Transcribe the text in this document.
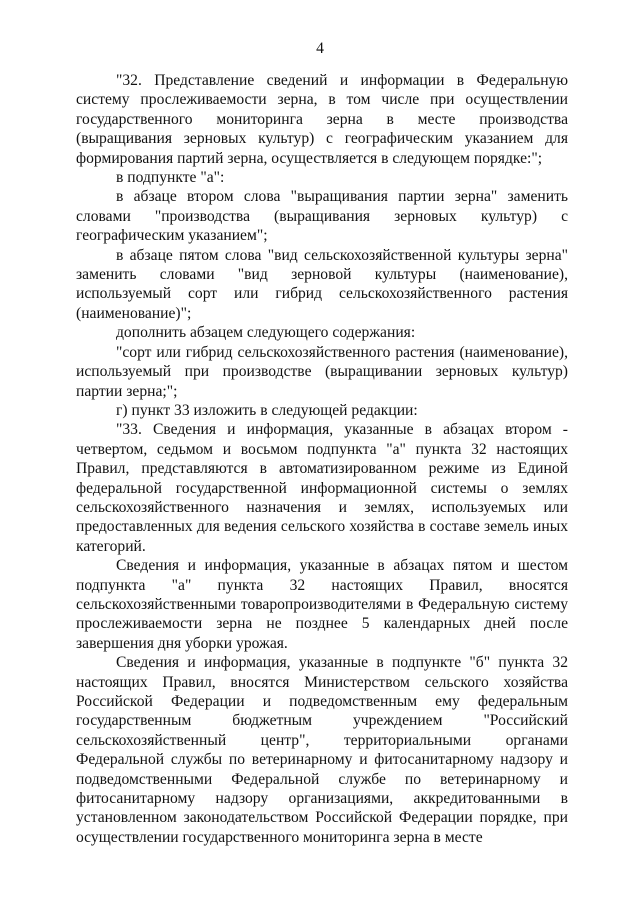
4

"32. Представление сведений и информации в Федеральную систему прослеживаемости зерна, в том числе при осуществлении государственного мониторинга зерна в месте производства (выращивания зерновых культур) с географическим указанием для формирования партий зерна, осуществляется в следующем порядке:";

в подпункте "а":

в абзаце втором слова "выращивания партии зерна" заменить словами "производства (выращивания зерновых культур) с географическим указанием";

в абзаце пятом слова "вид сельскохозяйственной культуры зерна" заменить словами "вид зерновой культуры (наименование), используемый сорт или гибрид сельскохозяйственного растения (наименование)";

дополнить абзацем следующего содержания:

"сорт или гибрид сельскохозяйственного растения (наименование), используемый при производстве (выращивании зерновых культур) партии зерна;";

г) пункт 33 изложить в следующей редакции:

"33. Сведения и информация, указанные в абзацах втором - четвертом, седьмом и восьмом подпункта "а" пункта 32 настоящих Правил, представляются в автоматизированном режиме из Единой федеральной государственной информационной системы о землях сельскохозяйственного назначения и землях, используемых или предоставленных для ведения сельского хозяйства в составе земель иных категорий.

Сведения и информация, указанные в абзацах пятом и шестом подпункта "а" пункта 32 настоящих Правил, вносятся сельскохозяйственными товаропроизводителями в Федеральную систему прослеживаемости зерна не позднее 5 календарных дней после завершения дня уборки урожая.

Сведения и информация, указанные в подпункте "б" пункта 32 настоящих Правил, вносятся Министерством сельского хозяйства Российской Федерации и подведомственным ему федеральным государственным бюджетным учреждением "Российский сельскохозяйственный центр", территориальными органами Федеральной службы по ветеринарному и фитосанитарному надзору и подведомственными Федеральной службе по ветеринарному и фитосанитарному надзору организациями, аккредитованными в установленном законодательством Российской Федерации порядке, при осуществлении государственного мониторинга зерна в месте
